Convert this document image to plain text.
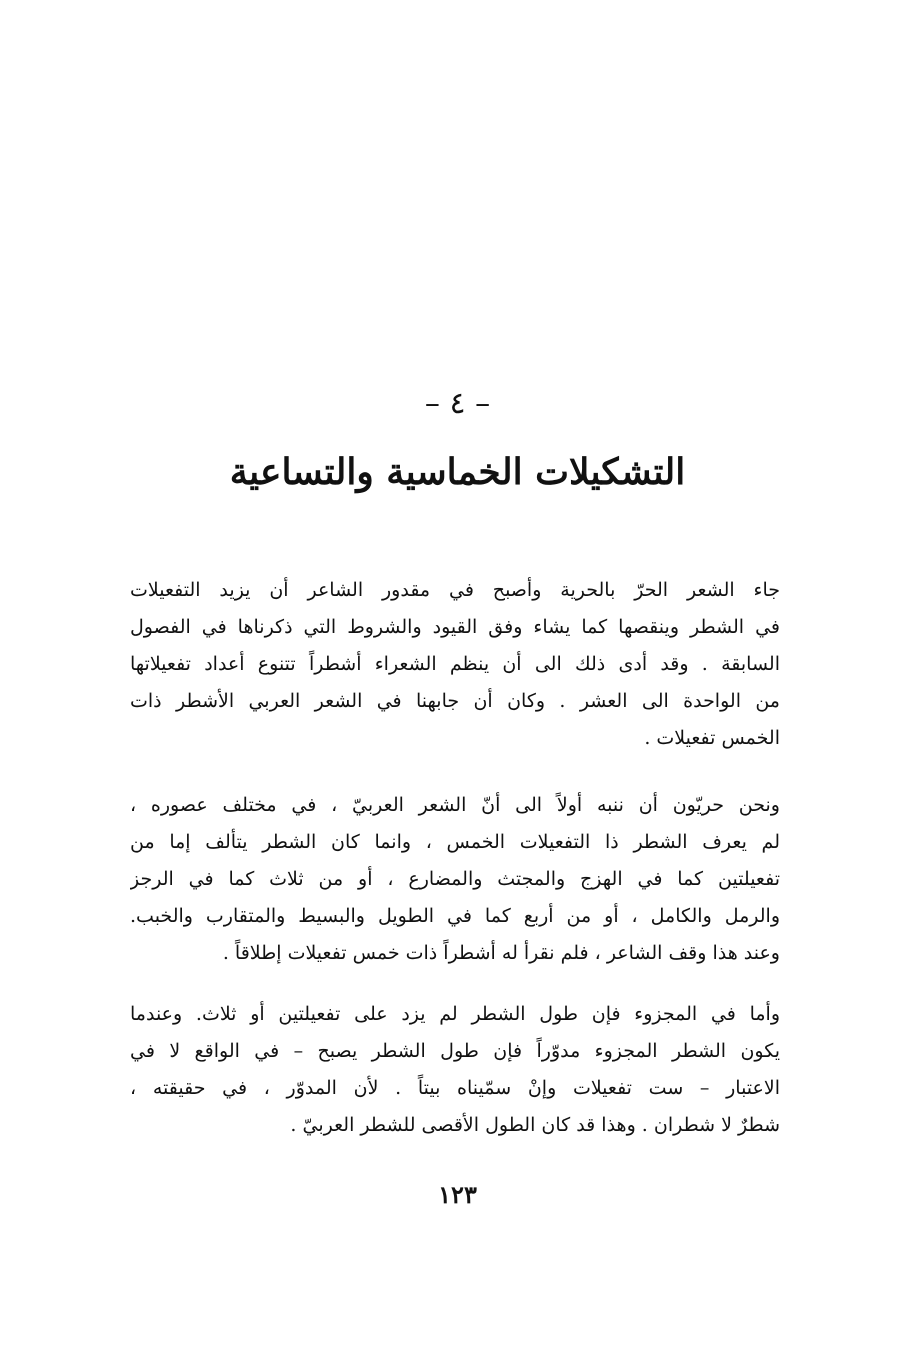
– ٤ –
التشكيلات الخماسية والتساعية

جاء الشعر الحرّ بالحرية وأصبح في مقدور الشاعر أن يزيد التفعيلات
في الشطر وينقصها كما يشاء وفق القيود والشروط التي ذكرناها في الفصول
السابقة . وقد أدى ذلك الى أن ينظم الشعراء أشطراً تتنوع أعداد تفعيلاتها
من الواحدة الى العشر . وكان أن جابهنا في الشعر العربي الأشطر ذات
الخمس تفعيلات .

ونحن حريّون أن ننبه أولاً الى أنّ الشعر العربيّ ، في مختلف عصوره ،
لم يعرف الشطر ذا التفعيلات الخمس ، وانما كان الشطر يتألف إما من
تفعيلتين كما في الهزج والمجتث والمضارع ، أو من ثلاث كما في الرجز
والرمل والكامل ، أو من أربع كما في الطويل والبسيط والمتقارب والخبب.
وعند هذا وقف الشاعر ، فلم نقرأ له أشطراً ذات خمس تفعيلات إطلاقاً .

وأما في المجزوء فإن طول الشطر لم يزد على تفعيلتين أو ثلاث. وعندما
يكون الشطر المجزوء مدوّراً فإن طول الشطر يصبح – في الواقع لا في
الاعتبار – ست تفعيلات وإنْ سمّيناه بيتاً . لأن المدوّر ، في حقيقته ،
شطرٌ لا شطران . وهذا قد كان الطول الأقصى للشطر العربيّ .

١٢٣
